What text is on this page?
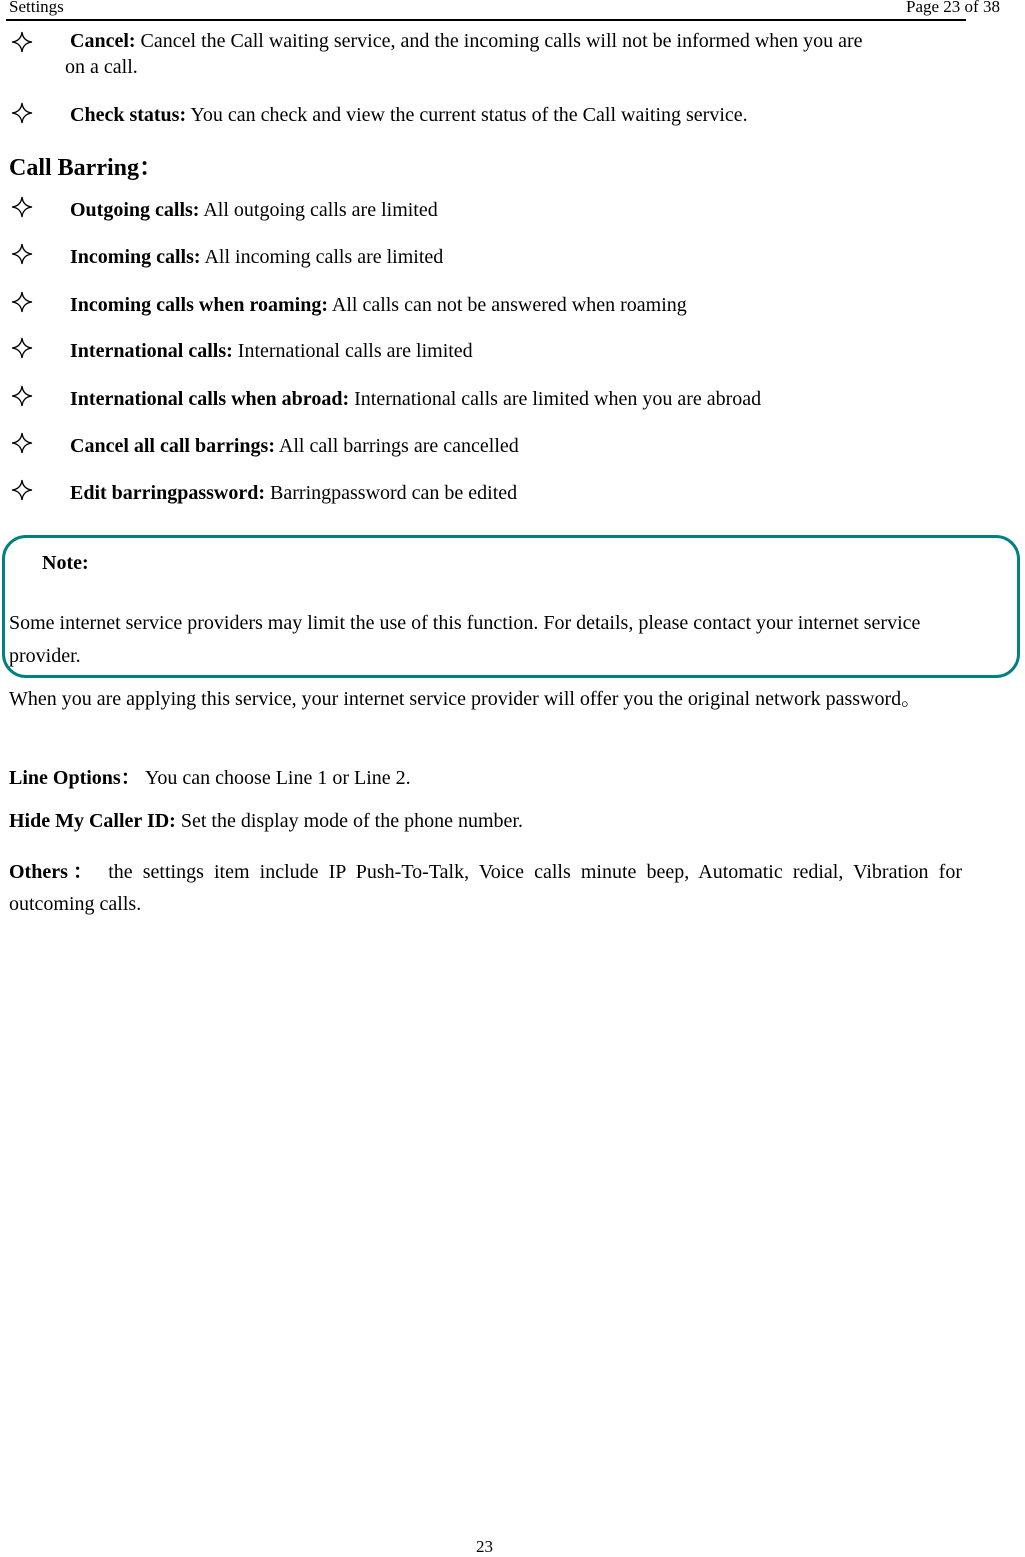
Settings	Page 23 of 38
Cancel: Cancel the Call waiting service, and the incoming calls will not be informed when you are
on a call.
Check status: You can check and view the current status of the Call waiting service.
Call Barring：
Outgoing calls: All outgoing calls are limited
Incoming calls: All incoming calls are limited
Incoming calls when roaming: All calls can not be answered when roaming
International calls: International calls are limited
International calls when abroad: International calls are limited when you are abroad
Cancel all call barrings: All call barrings are cancelled
Edit barringpassword: Barringpassword can be edited
Note:
Some internet service providers may limit the use of this function. For details, please contact your internet service provider.
When you are applying this service, your internet service provider will offer you the original network password。
Line Options： You can choose Line 1 or Line 2.
Hide My Caller ID: Set the display mode of the phone number.
Others： the settings item include IP Push-To-Talk, Voice calls minute beep, Automatic redial, Vibration for outcoming calls.
23
